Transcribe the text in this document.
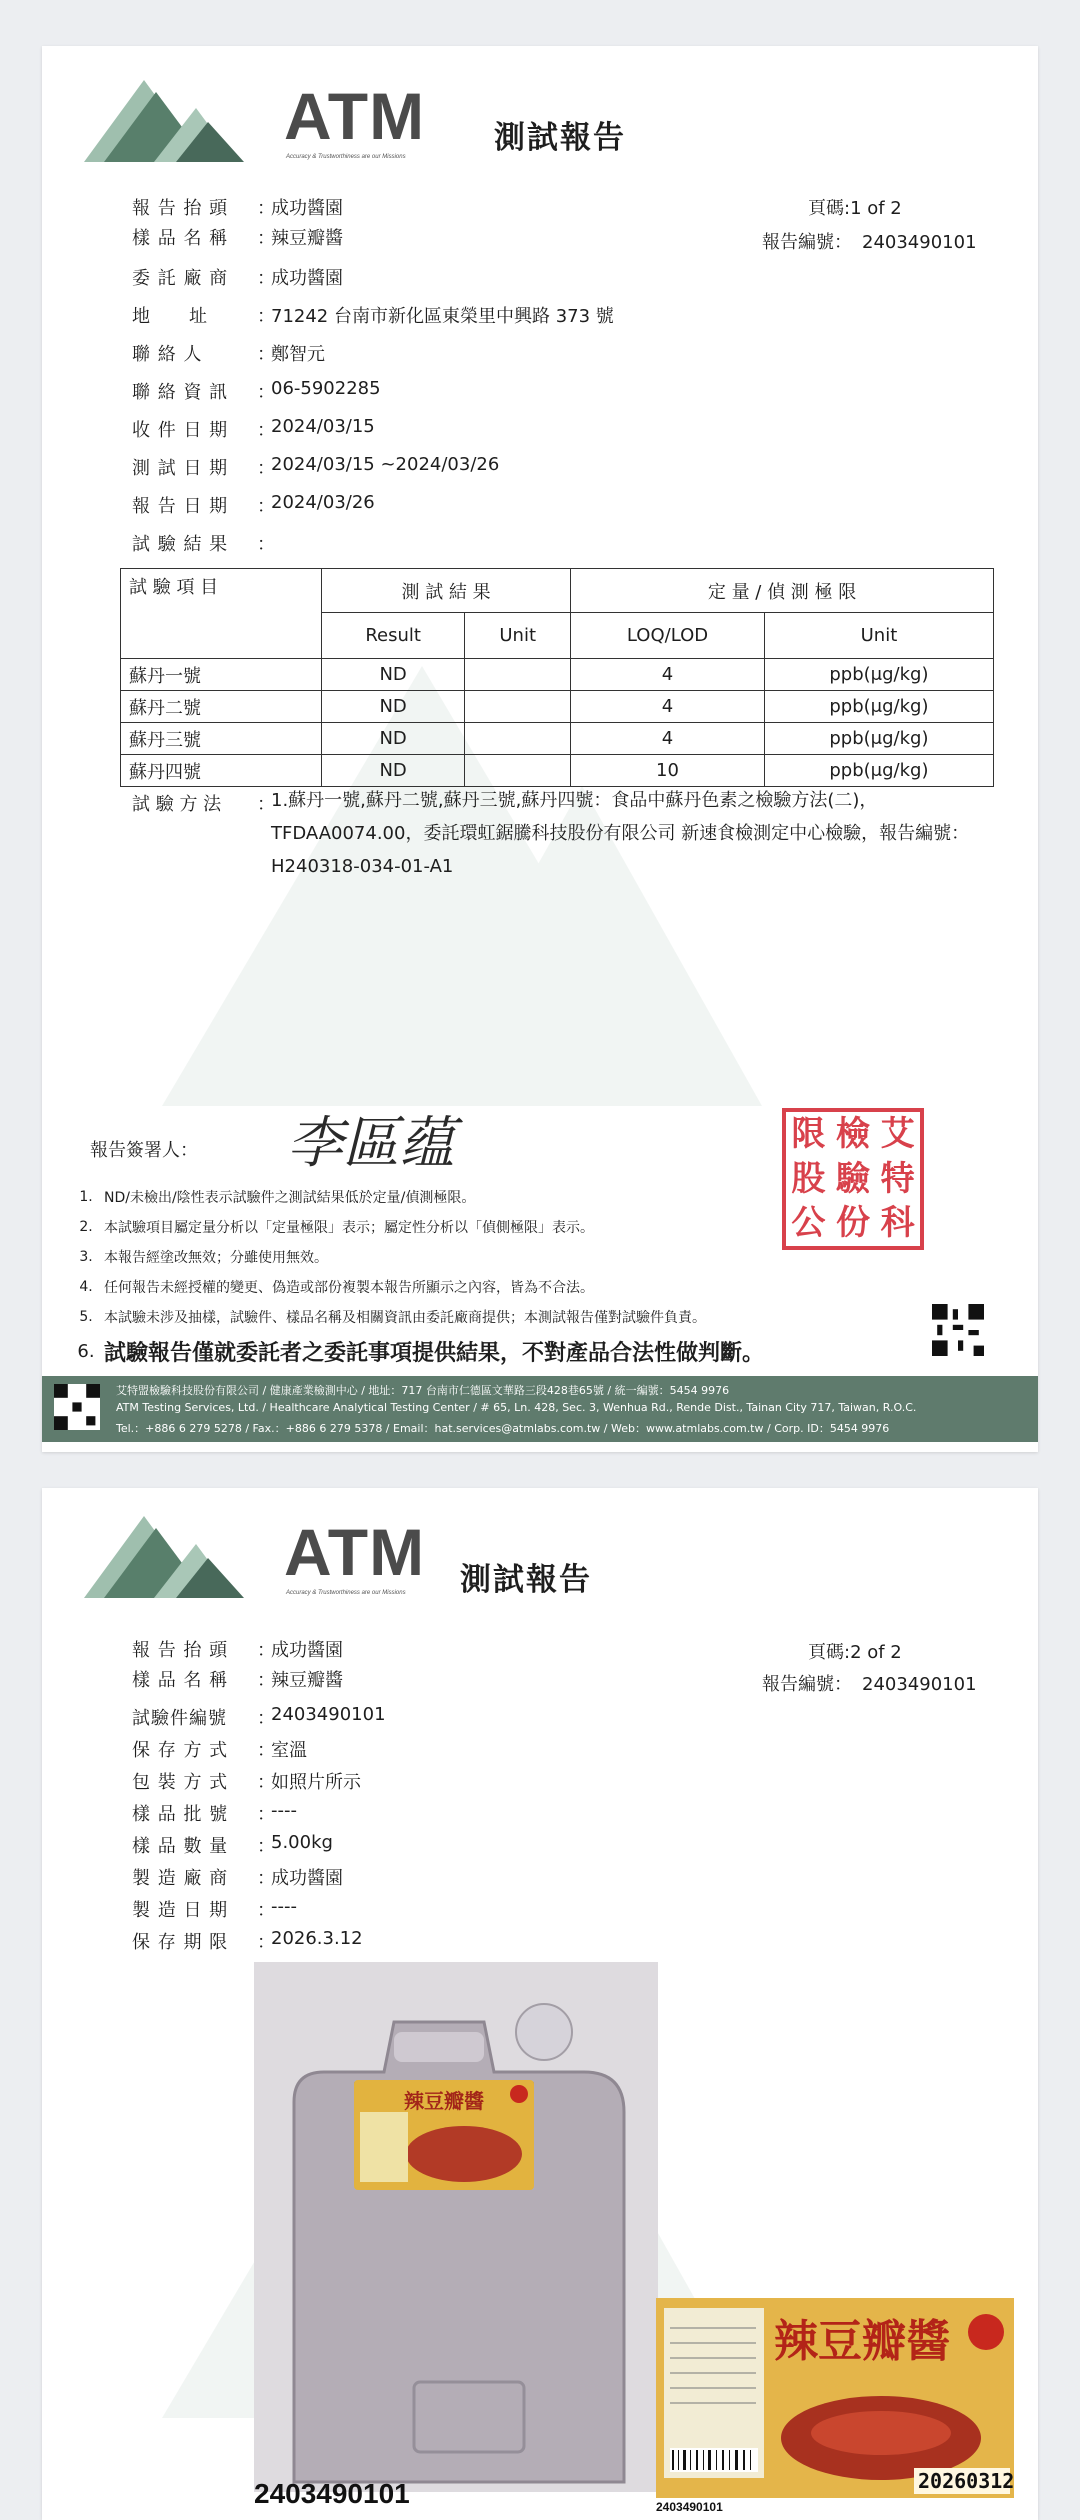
ATM
Accuracy & Trustworthiness are our Missions
測試報告
頁碼:1 of 2
報告編號： 2403490101
報 告 抬 頭	：
成功醬園
樣 品 名 稱	：
辣豆瓣醬
委 託 廠 商	：
成功醬園
地　　址	：
71242 台南市新化區東榮里中興路 373 號
聯 絡 人	：
鄭智元
聯 絡 資 訊	：
06-5902285
收 件 日 期	：
2024/03/15
測 試 日 期	：
2024/03/15 ~2024/03/26
報 告 日 期	：
2024/03/26
試 驗 結 果	：
試 驗 項 目	測 試 結 果		定 量 / 偵 測 極 限	
	Result	Unit	LOQ/LOD	Unit
蘇丹一號	ND		4	ppb(μg/kg)
蘇丹二號	ND		4	ppb(μg/kg)
蘇丹三號	ND		4	ppb(μg/kg)
蘇丹四號	ND		10	ppb(μg/kg)
試 驗 方 法	：
1.蘇丹一號,蘇丹二號,蘇丹三號,蘇丹四號：食品中蘇丹色素之檢驗方法(二)，
TFDAA0074.00，委託環虹鋸騰科技股份有限公司 新速食檢測定中心檢驗，報告編號：
H240318-034-01-A1
報告簽署人： 李區蕴	限 檢 艾
股 驗 特
公 份 科
1. ND/未檢出/陰性表示試驗件之測試結果低於定量/偵測極限。
2. 本試驗項目屬定量分析以「定量極限」表示；屬定性分析以「偵側極限」表示。
3. 本報告經塗改無效；分雖使用無效。
4. 任何報告未經授權的變更、偽造或部份複製本報告所顯示之內容，皆為不合法。
5. 本試驗未涉及抽樣，試驗件、樣品名稱及相關資訊由委託廠商提供；本測試報告僅對試驗件負責。
6. 試驗報告僅就委託者之委託事項提供結果，不對產品合法性做判斷。
艾特盟檢驗科技股份有限公司 / 健康產業檢測中心 / 地址：717 台南市仁德區文華路三段428巷65號 / 統一編號：5454 9976
ATM Testing Services, Ltd. / Healthcare Analytical Testing Center / # 65, Ln. 428, Sec. 3, Wenhua Rd., Rende Dist., Tainan City 717, Taiwan, R.O.C.
Tel.：+886 6 279 5278 / Fax.：+886 6 279 5378 / Email：hat.services@atmlabs.com.tw / Web：www.atmlabs.com.tw / Corp. ID：5454 9976
ATM
Accuracy & Trustworthiness are our Missions 測試報告
頁碼:2 of 2
報告編號： 2403490101
報 告 抬 頭	：
成功醬園
樣 品 名 稱	：
辣豆瓣醬
試驗件編號	：
2403490101
保 存 方 式	：
室溫
包 裝 方 式	：
如照片所示
樣 品 批 號	：
----
樣 品 數 量	：
5.00kg
製 造 廠 商	：
成功醬園
製 造 日 期	：
----
保 存 期 限	：
2026.3.12
辣豆瓣醬
2403490101
辣豆瓣醬
20260312
2403490101
